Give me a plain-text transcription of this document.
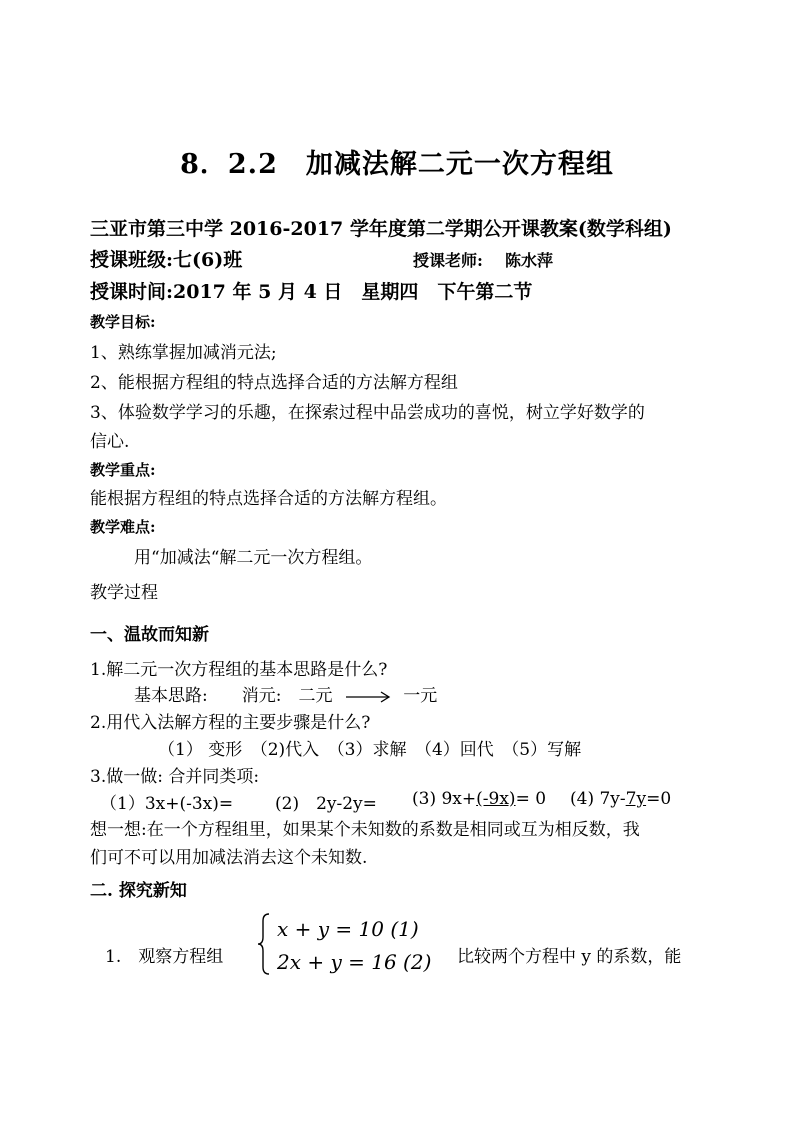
8．2.2　加减法解二元一次方程组
三亚市第三中学 2016-2017 学年度第二学期公开课教案(数学科组)
授课班级:七(6)班	授课老师: 陈水萍
授课时间:2017 年 5 月 4 日　星期四　下午第二节
教学目标:
1、熟练掌握加减消元法;
2、能根据方程组的特点选择合适的方法解方程组
3、体验数学学习的乐趣，在探索过程中品尝成功的喜悦，树立学好数学的
信心.
教学重点:
能根据方程组的特点选择合适的方法解方程组。
教学难点:
用“加减法“解二元一次方程组。
教学过程
一、温故而知新
1.解二元一次方程组的基本思路是什么?
基本思路:　　消元:　二元	一元
2.用代入法解方程的主要步骤是什么?
（1） 变形　（2)代入　（3）求解　（4）回代　（5）写解
3.做一做: 合并同类项:
（1）3x+(-3x)= (2)　2y-2y= (3) 9x+(-9x)= 0 (4) 7y-7y=0
想一想:在一个方程组里，如果某个未知数的系数是相同或互为相反数，我
们可不可以用加减法消去这个未知数.
二. 探究新知
1.　观察方程组
x + y = 10 (1)
2x + y = 16 (2) 比较两个方程中 y 的系数，能
